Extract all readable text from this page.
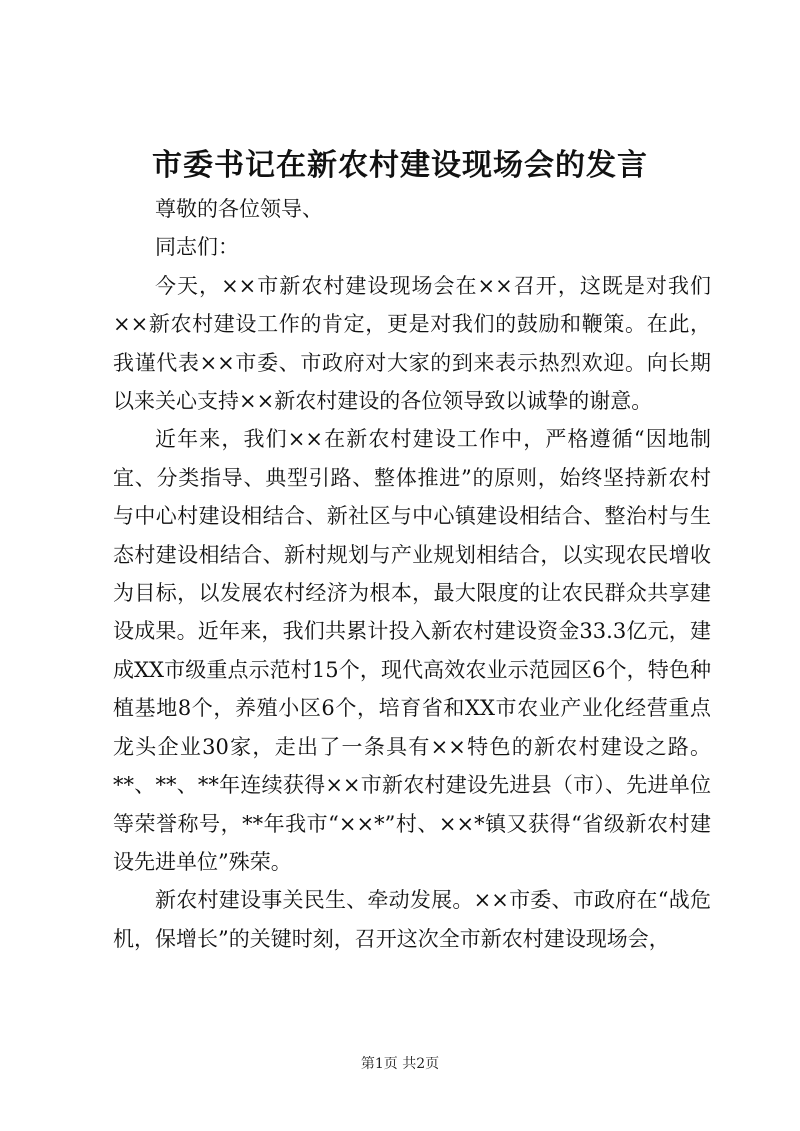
市委书记在新农村建设现场会的发言

尊敬的各位领导、

同志们：

今天，××市新农村建设现场会在××召开，这既是对我们××新农村建设工作的肯定，更是对我们的鼓励和鞭策。在此，我谨代表××市委、市政府对大家的到来表示热烈欢迎。向长期以来关心支持××新农村建设的各位领导致以诚挚的谢意。

近年来，我们××在新农村建设工作中，严格遵循“因地制宜、分类指导、典型引路、整体推进”的原则，始终坚持新农村与中心村建设相结合、新社区与中心镇建设相结合、整治村与生态村建设相结合、新村规划与产业规划相结合，以实现农民增收为目标，以发展农村经济为根本，最大限度的让农民群众共享建设成果。近年来，我们共累计投入新农村建设资金33.3亿元，建成XX市级重点示范村15个，现代高效农业示范园区6个，特色种植基地8个，养殖小区6个，培育省和XX市农业产业化经营重点龙头企业30家，走出了一条具有××特色的新农村建设之路。**、**、**年连续获得××市新农村建设先进县（市）、先进单位等荣誉称号，**年我市“××*”村、××*镇又获得“省级新农村建设先进单位”殊荣。

新农村建设事关民生、牵动发展。××市委、市政府在“战危机，保增长”的关键时刻，召开这次全市新农村建设现场会，

第1页 共2页
